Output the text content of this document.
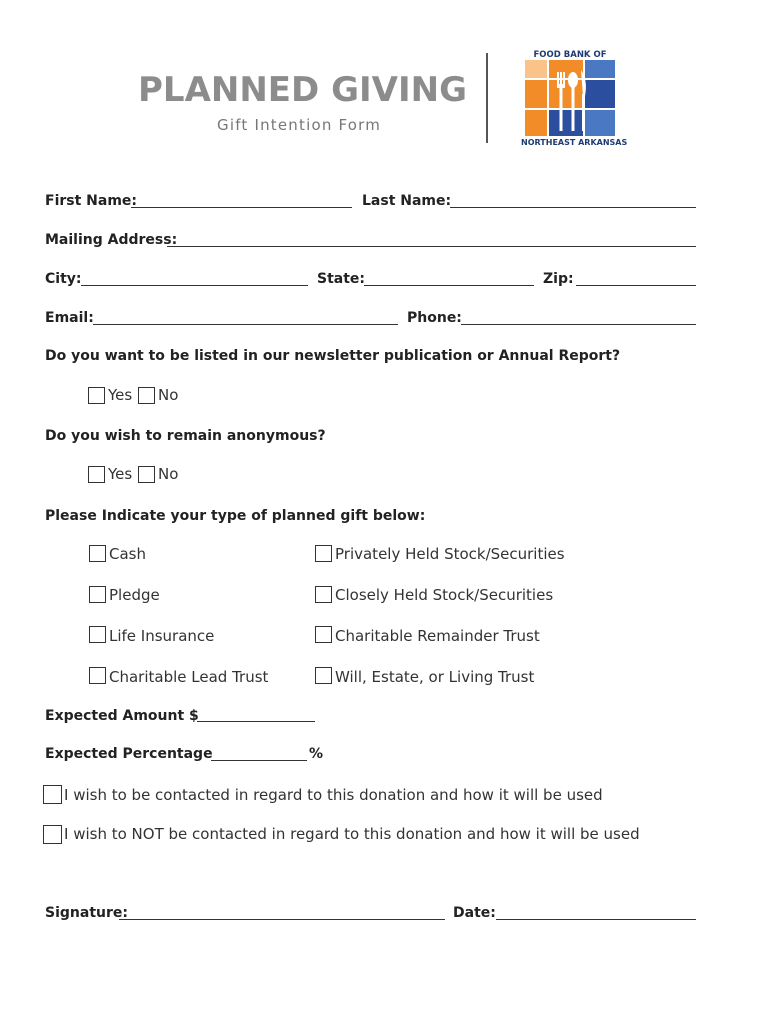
PLANNED GIVING
Gift Intention Form
FOOD BANK OF
NORTHEAST ARKANSAS
First Name:	Last Name:
Mailing Address:
City:	State:	Zip:
Email:	Phone:
Do you want to be listed in our newsletter publication or Annual Report?
Yes No
Do you wish to remain anonymous?
Yes No
Please Indicate your type of planned gift below:
Cash	Privately Held Stock/Securities
Pledge	Closely Held Stock/Securities
Life Insurance	Charitable Remainder Trust
Charitable Lead Trust	Will, Estate, or Living Trust
Expected Amount $
Expected Percentage	%
I wish to be contacted in regard to this donation and how it will be used
I wish to NOT be contacted in regard to this donation and how it will be used
Signature:	Date:
